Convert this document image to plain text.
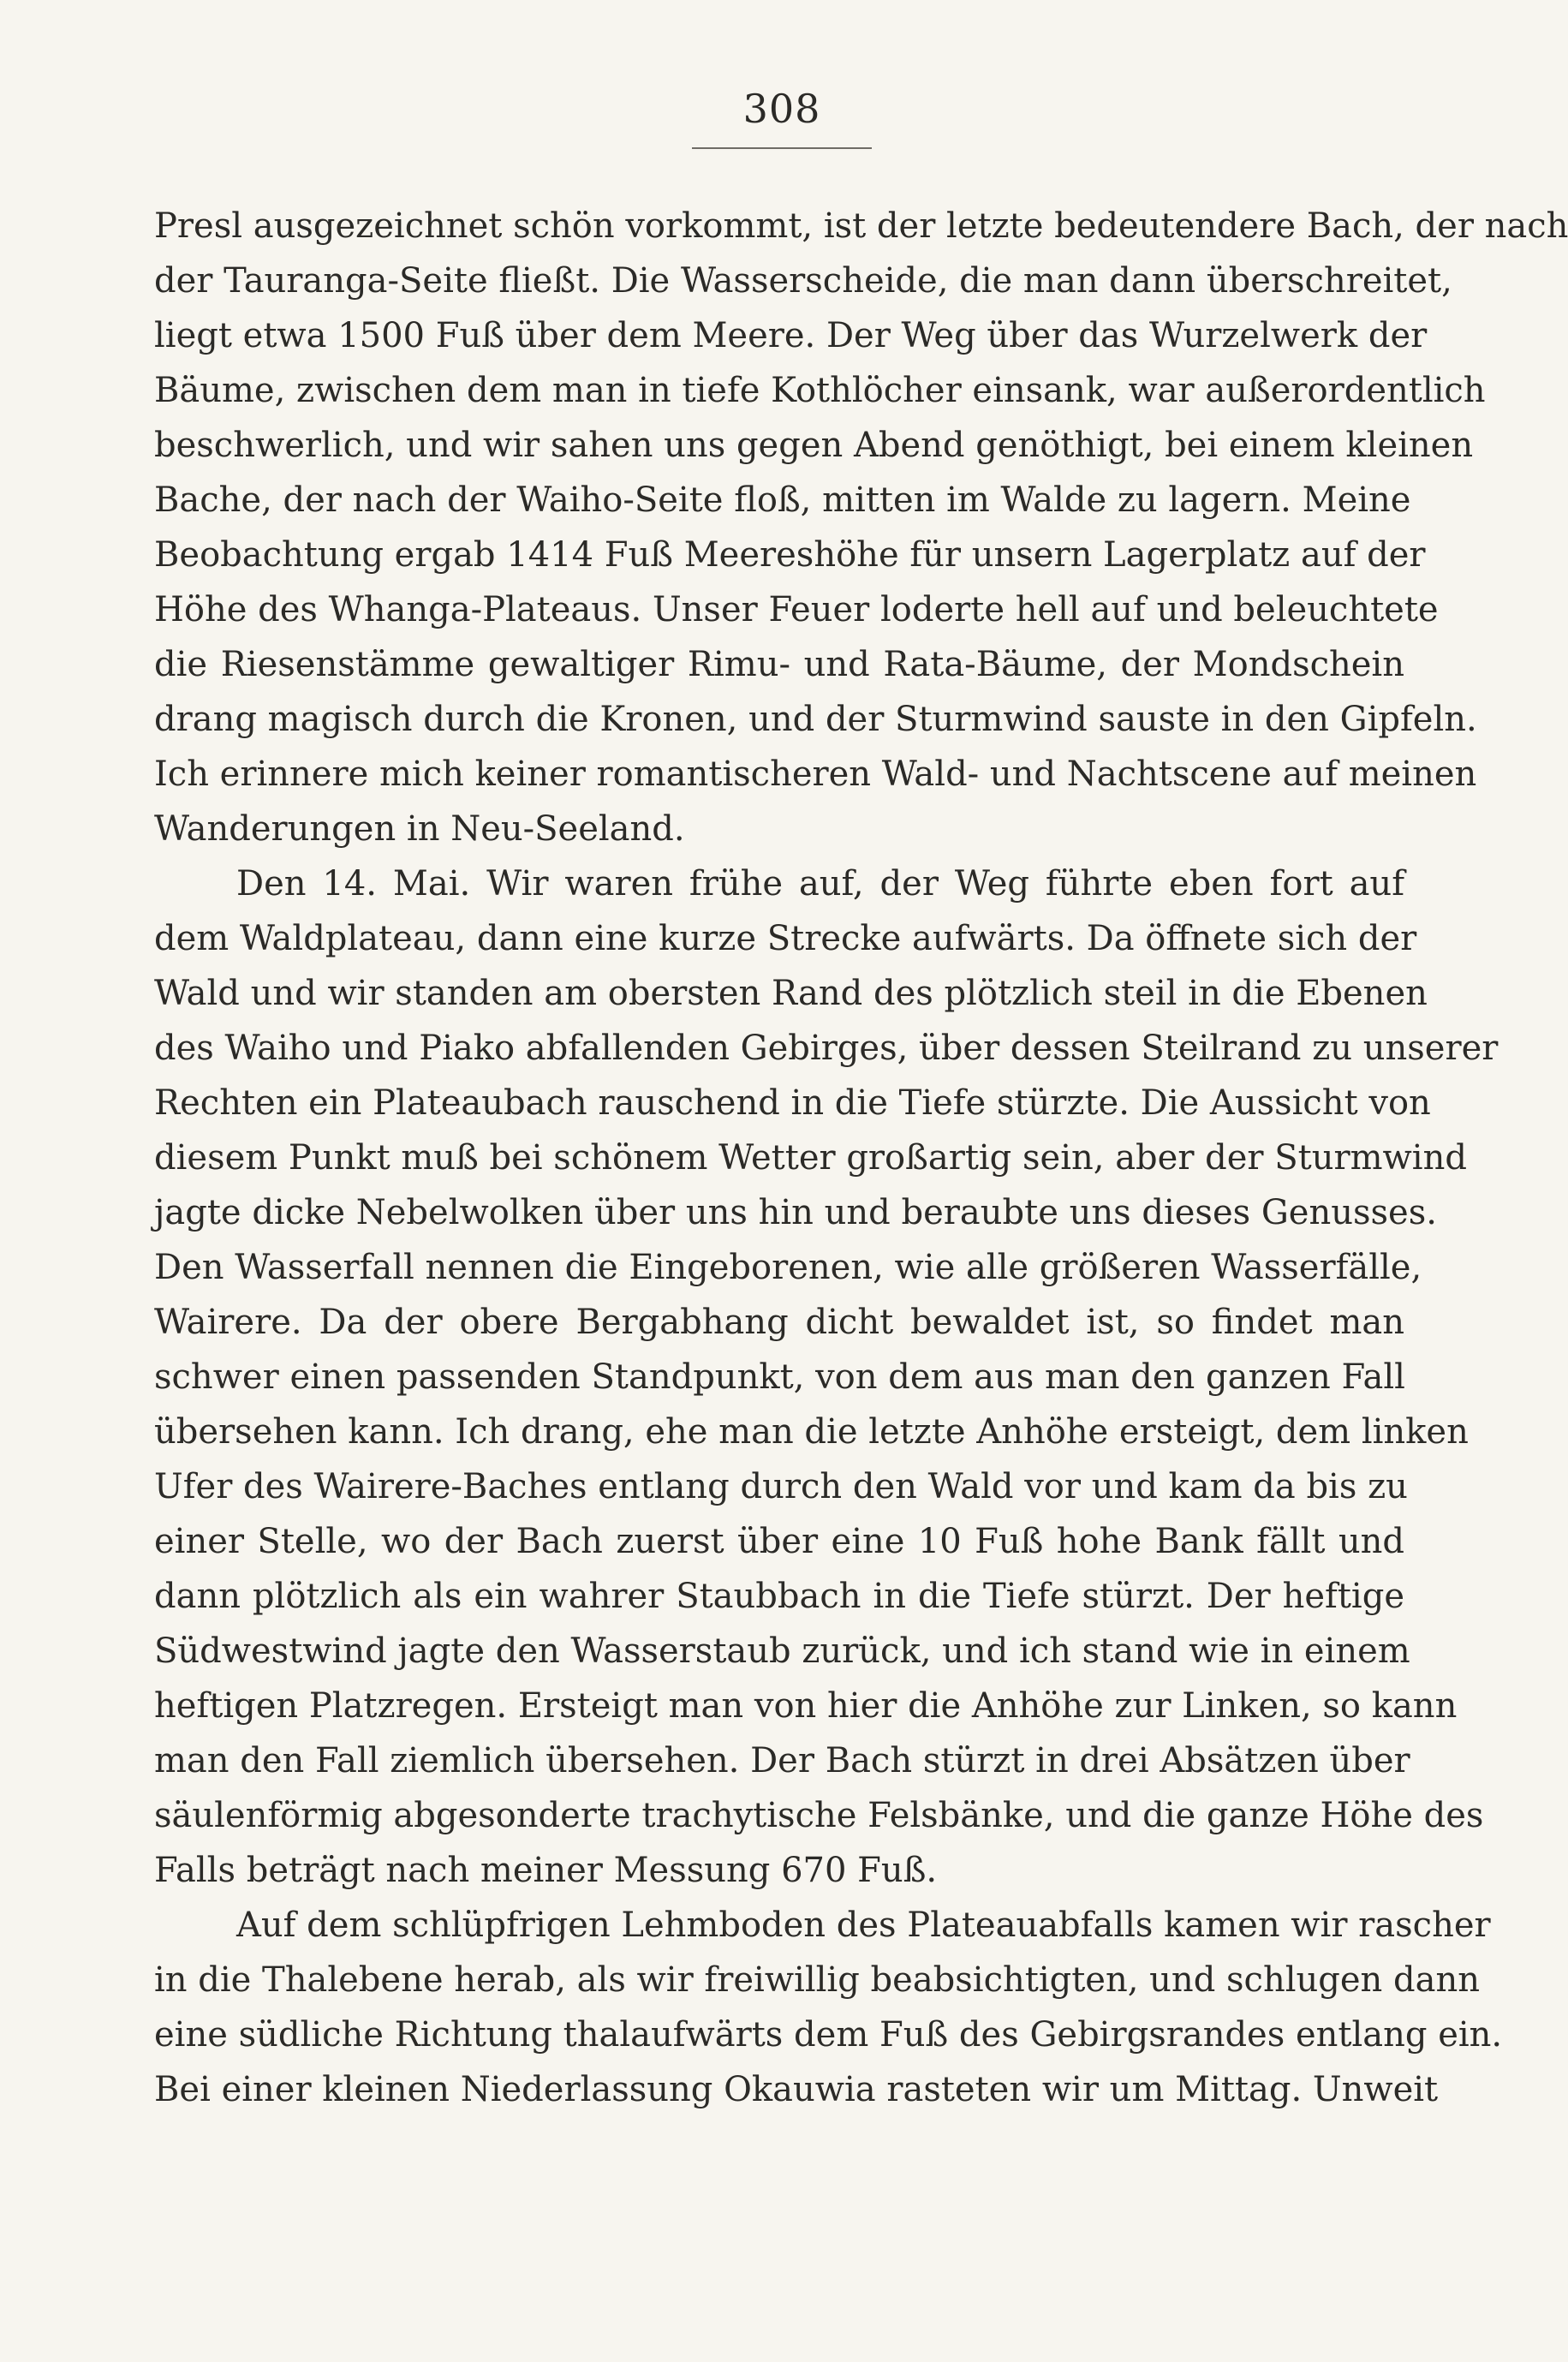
308
Presl ausgezeichnet schön vorkommt, ist der letzte bedeutendere Bach, der nach
der Tauranga-Seite fließt. Die Wasserscheide, die man dann überschreitet,
liegt etwa 1500 Fuß über dem Meere. Der Weg über das Wurzelwerk der
Bäume, zwischen dem man in tiefe Kothlöcher einsank, war außerordentlich
beschwerlich, und wir sahen uns gegen Abend genöthigt, bei einem kleinen
Bache, der nach der Waiho-Seite floß, mitten im Walde zu lagern. Meine
Beobachtung ergab 1414 Fuß Meereshöhe für unsern Lagerplatz auf der
Höhe des Whanga-Plateaus. Unser Feuer loderte hell auf und beleuchtete
die Riesenstämme gewaltiger Rimu- und Rata-Bäume, der Mondschein
drang magisch durch die Kronen, und der Sturmwind sauste in den Gipfeln.
Ich erinnere mich keiner romantischeren Wald- und Nachtscene auf meinen
Wanderungen in Neu-Seeland.
Den 14. Mai. Wir waren frühe auf, der Weg führte eben fort auf
dem Waldplateau, dann eine kurze Strecke aufwärts. Da öffnete sich der
Wald und wir standen am obersten Rand des plötzlich steil in die Ebenen
des Waiho und Piako abfallenden Gebirges, über dessen Steilrand zu unserer
Rechten ein Plateaubach rauschend in die Tiefe stürzte. Die Aussicht von
diesem Punkt muß bei schönem Wetter großartig sein, aber der Sturmwind
jagte dicke Nebelwolken über uns hin und beraubte uns dieses Genusses.
Den Wasserfall nennen die Eingeborenen, wie alle größeren Wasserfälle,
Wairere. Da der obere Bergabhang dicht bewaldet ist, so findet man
schwer einen passenden Standpunkt, von dem aus man den ganzen Fall
übersehen kann. Ich drang, ehe man die letzte Anhöhe ersteigt, dem linken
Ufer des Wairere-Baches entlang durch den Wald vor und kam da bis zu
einer Stelle, wo der Bach zuerst über eine 10 Fuß hohe Bank fällt und
dann plötzlich als ein wahrer Staubbach in die Tiefe stürzt. Der heftige
Südwestwind jagte den Wasserstaub zurück, und ich stand wie in einem
heftigen Platzregen. Ersteigt man von hier die Anhöhe zur Linken, so kann
man den Fall ziemlich übersehen. Der Bach stürzt in drei Absätzen über
säulenförmig abgesonderte trachytische Felsbänke, und die ganze Höhe des
Falls beträgt nach meiner Messung 670 Fuß.
Auf dem schlüpfrigen Lehmboden des Plateauabfalls kamen wir rascher
in die Thalebene herab, als wir freiwillig beabsichtigten, und schlugen dann
eine südliche Richtung thalaufwärts dem Fuß des Gebirgsrandes entlang ein.
Bei einer kleinen Niederlassung Okauwia rasteten wir um Mittag. Unweit
